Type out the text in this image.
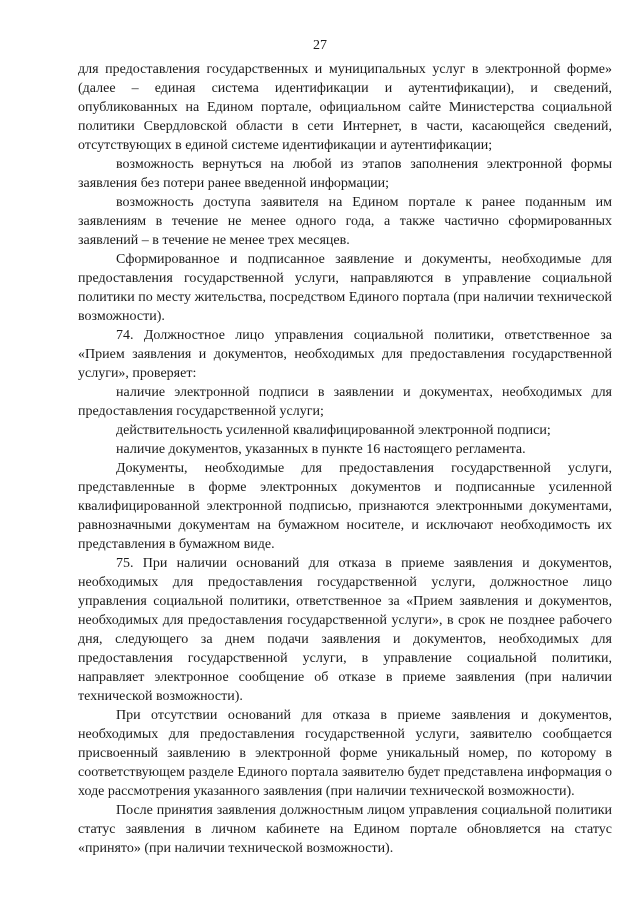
27

для предоставления государственных и муниципальных услуг в электронной форме» (далее – единая система идентификации и аутентификации), и сведений, опубликованных на Едином портале, официальном сайте Министерства социальной политики Свердловской области в сети Интернет, в части, касающейся сведений, отсутствующих в единой системе идентификации и аутентификации;

возможность вернуться на любой из этапов заполнения электронной формы заявления без потери ранее введенной информации;

возможность доступа заявителя на Едином портале к ранее поданным им заявлениям в течение не менее одного года, а также частично сформированных заявлений – в течение не менее трех месяцев.

Сформированное и подписанное заявление и документы, необходимые для предоставления государственной услуги, направляются в управление социальной политики по месту жительства, посредством Единого портала (при наличии технической возможности).

74. Должностное лицо управления социальной политики, ответственное за «Прием заявления и документов, необходимых для предоставления государственной услуги», проверяет:

наличие электронной подписи в заявлении и документах, необходимых для предоставления государственной услуги;

действительность усиленной квалифицированной электронной подписи;

наличие документов, указанных в пункте 16 настоящего регламента.

Документы, необходимые для предоставления государственной услуги, представленные в форме электронных документов и подписанные усиленной квалифицированной электронной подписью, признаются электронными документами, равнозначными документам на бумажном носителе, и исключают необходимость их представления в бумажном виде.

75. При наличии оснований для отказа в приеме заявления и документов, необходимых для предоставления государственной услуги, должностное лицо управления социальной политики, ответственное за «Прием заявления и документов, необходимых для предоставления государственной услуги», в срок не позднее рабочего дня, следующего за днем подачи заявления и документов, необходимых для предоставления государственной услуги, в управление социальной политики, направляет электронное сообщение об отказе в приеме заявления (при наличии технической возможности).

При отсутствии оснований для отказа в приеме заявления и документов, необходимых для предоставления государственной услуги, заявителю сообщается присвоенный заявлению в электронной форме уникальный номер, по которому в соответствующем разделе Единого портала заявителю будет представлена информация о ходе рассмотрения указанного заявления (при наличии технической возможности).

После принятия заявления должностным лицом управления социальной политики статус заявления в личном кабинете на Едином портале обновляется на статус «принято» (при наличии технической возможности).
